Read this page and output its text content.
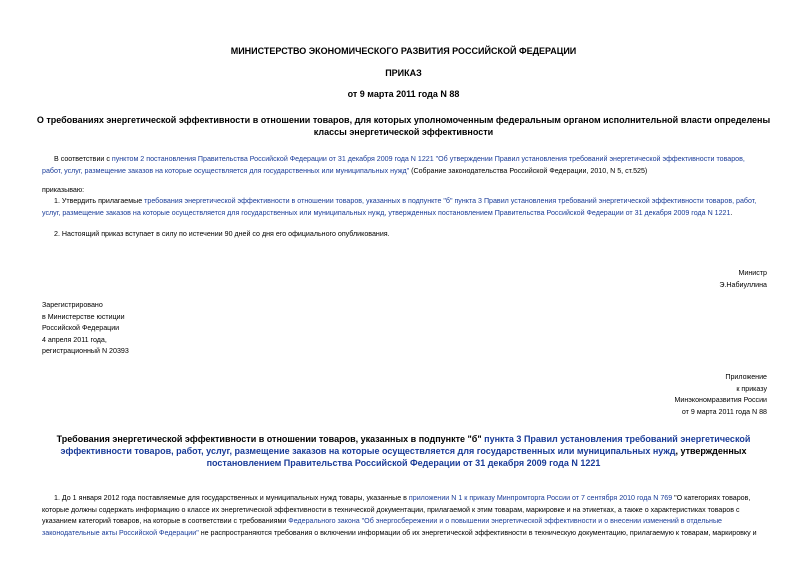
МИНИСТЕРСТВО ЭКОНОМИЧЕСКОГО РАЗВИТИЯ РОССИЙСКОЙ ФЕДЕРАЦИИ
ПРИКАЗ
от 9 марта 2011 года N 88
О требованиях энергетической эффективности в отношении товаров, для которых уполномоченным федеральным органом исполнительной власти определены
классы энергетической эффективности
В соответствии с пунктом 2 постановления Правительства Российской Федерации от 31 декабря 2009 года N 1221 "Об утверждении Правил установления требований энергетической эффективности товаров,
работ, услуг, размещение заказов на которые осуществляется для государственных или муниципальных нужд" (Собрание законодательства Российской Федерации, 2010, N 5, ст.525)
приказываю:
1. Утвердить прилагаемые требования энергетической эффективности в отношении товаров, указанных в подпункте "б" пункта 3 Правил установления требований энергетической эффективности товаров, работ,
услуг, размещение заказов на которые осуществляется для государственных или муниципальных нужд, утвержденных постановлением Правительства Российской Федерации от 31 декабря 2009 года N 1221.
2. Настоящий приказ вступает в силу по истечении 90 дней со дня его официального опубликования.
Министр
Э.Набиуллина
Зарегистрировано
в Министерстве юстиции
Российской Федерации
4 апреля 2011 года,
регистрационный N 20393
Приложение
к приказу
Минэкономразвития России
от 9 марта 2011 года N 88
Требования энергетической эффективности в отношении товаров, указанных в подпункте "б" пункта 3 Правил установления требований энергетической
эффективности товаров, работ, услуг, размещение заказов на которые осуществляется для государственных или муниципальных нужд, утвержденных
постановлением Правительства Российской Федерации от 31 декабря 2009 года N 1221
1. До 1 января 2012 года поставляемые для государственных и муниципальных нужд товары, указанные в приложении N 1 к приказу Минпромторга России от 7 сентября 2010 года N 769 "О категориях товаров,
которые должны содержать информацию о классе их энергетической эффективности в технической документации, прилагаемой к этим товарам, маркировке и на этикетках, а также о характеристиках товаров с
указанием категорий товаров, на которые в соответствии с требованиями Федерального закона "Об энергосбережении и о повышении энергетической эффективности и о внесении изменений в отдельные
законодательные акты Российской Федерации" не распространяются требования о включении информации об их энергетической эффективности в техническую документацию, прилагаемую к товарам, маркировку и
